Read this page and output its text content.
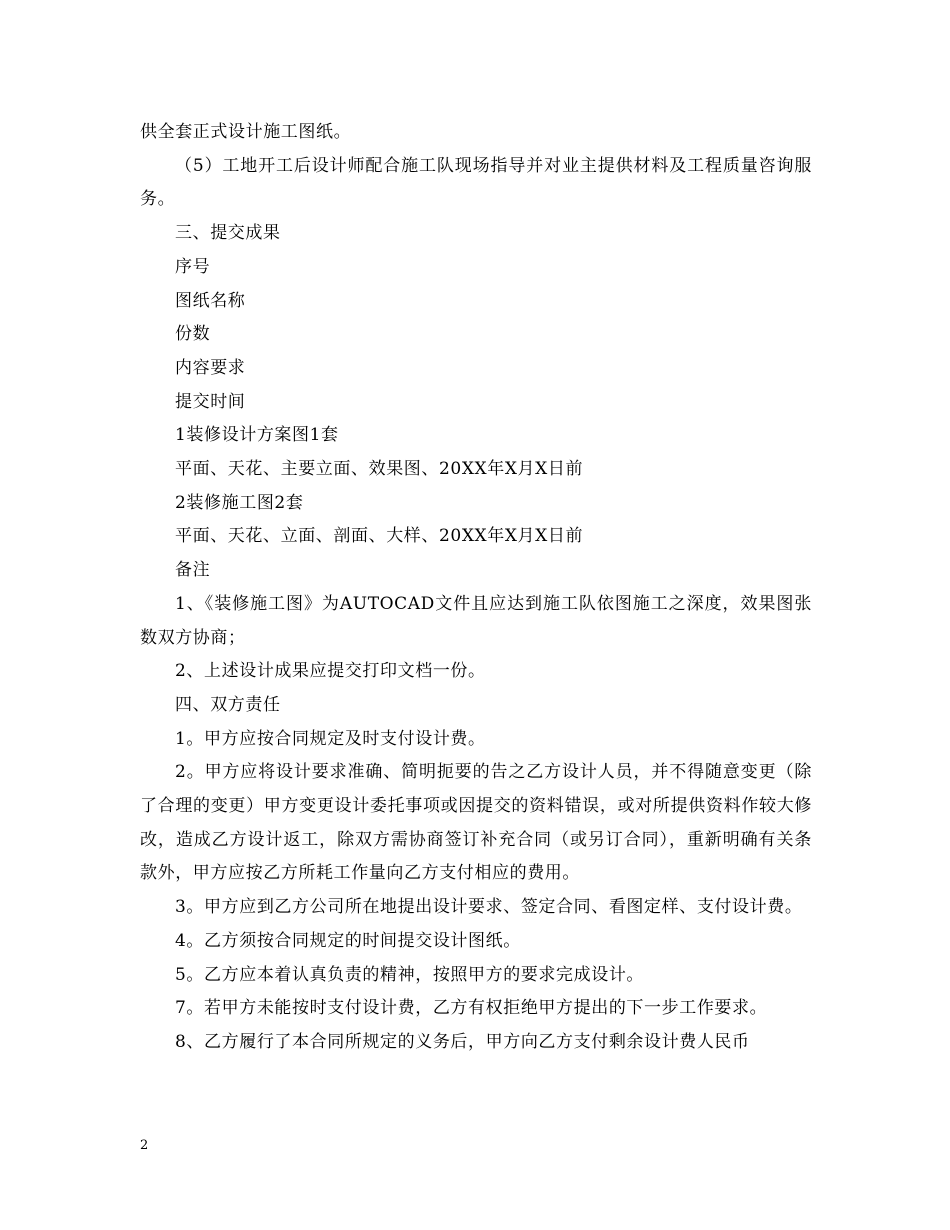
供全套正式设计施工图纸。

（5）工地开工后设计师配合施工队现场指导并对业主提供材料及工程质量咨询服务。

三、提交成果

序号

图纸名称

份数

内容要求

提交时间

1装修设计方案图1套

平面、天花、主要立面、效果图、20XX年X月X日前

2装修施工图2套

平面、天花、立面、剖面、大样、20XX年X月X日前

备注

1、《装修施工图》为AUTOCAD文件且应达到施工队依图施工之深度，效果图张数双方协商；

2、上述设计成果应提交打印文档一份。

四、双方责任

1。甲方应按合同规定及时支付设计费。

2。甲方应将设计要求准确、简明扼要的告之乙方设计人员，并不得随意变更（除了合理的变更）甲方变更设计委托事项或因提交的资料错误，或对所提供资料作较大修改，造成乙方设计返工，除双方需协商签订补充合同（或另订合同），重新明确有关条款外，甲方应按乙方所耗工作量向乙方支付相应的费用。

3。甲方应到乙方公司所在地提出设计要求、签定合同、看图定样、支付设计费。

4。乙方须按合同规定的时间提交设计图纸。

5。乙方应本着认真负责的精神，按照甲方的要求完成设计。

7。若甲方未能按时支付设计费，乙方有权拒绝甲方提出的下一步工作要求。

8、乙方履行了本合同所规定的义务后，甲方向乙方支付剩余设计费人民币

2
